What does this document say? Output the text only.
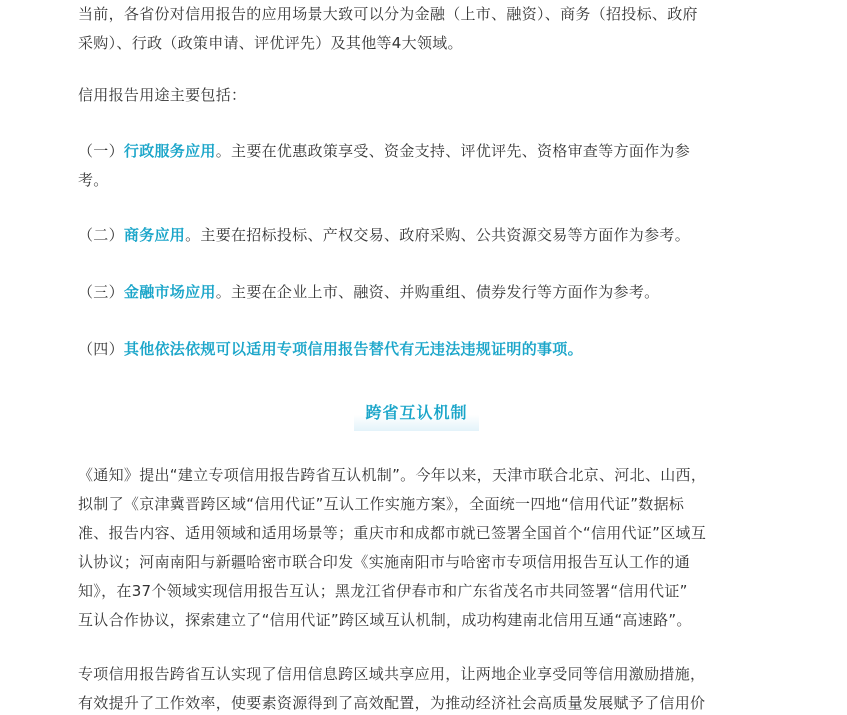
当前，各省份对信用报告的应用场景大致可以分为金融（上市、融资）、商务（招投标、政府
采购）、行政（政策申请、评优评先）及其他等4大领域。

信用报告用途主要包括：

（一）行政服务应用。主要在优惠政策享受、资金支持、评优评先、资格审查等方面作为参
考。

（二）商务应用。主要在招标投标、产权交易、政府采购、公共资源交易等方面作为参考。

（三）金融市场应用。主要在企业上市、融资、并购重组、债券发行等方面作为参考。

（四）其他依法依规可以适用专项信用报告替代有无违法违规证明的事项。

跨省互认机制

《通知》提出“建立专项信用报告跨省互认机制”。今年以来，天津市联合北京、河北、山西，
拟制了《京津冀晋跨区域“信用代证”互认工作实施方案》，全面统一四地“信用代证”数据标
准、报告内容、适用领域和适用场景等；重庆市和成都市就已签署全国首个“信用代证”区域互
认协议；河南南阳与新疆哈密市联合印发《实施南阳市与哈密市专项信用报告互认工作的通
知》，在37个领域实现信用报告互认；黑龙江省伊春市和广东省茂名市共同签署“信用代证”
互认合作协议，探索建立了“信用代证”跨区域互认机制，成功构建南北信用互通“高速路”。

专项信用报告跨省互认实现了信用信息跨区域共享应用，让两地企业享受同等信用激励措施，
有效提升了工作效率，使要素资源得到了高效配置，为推动经济社会高质量发展赋予了信用价
